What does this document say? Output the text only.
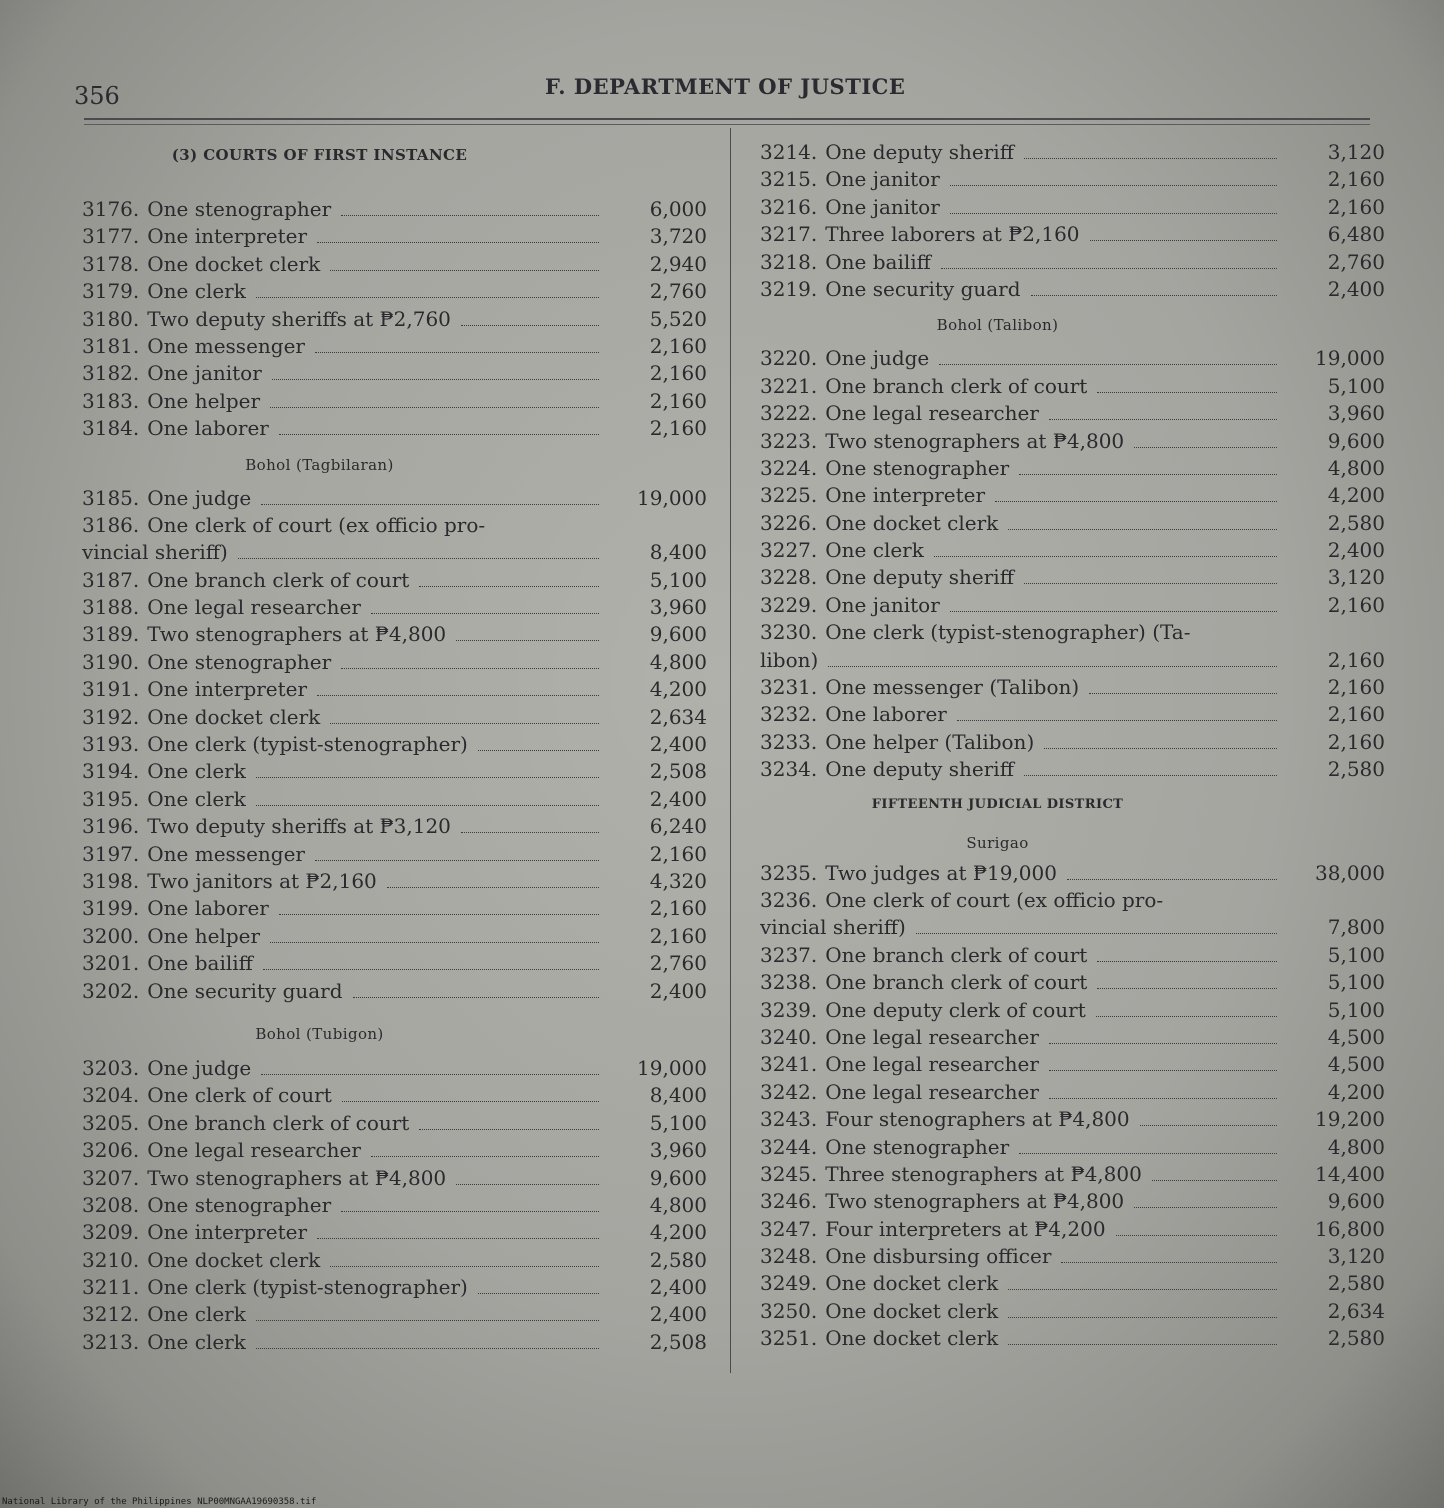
356	F. DEPARTMENT OF JUSTICE
(3) COURTS OF FIRST INSTANCE
3176. One stenographer	6,000
3177. One interpreter	3,720
3178. One docket clerk	2,940
3179. One clerk	2,760
3180. Two deputy sheriffs at ₱2,760	5,520
3181. One messenger	2,160
3182. One janitor	2,160
3183. One helper	2,160
3184. One laborer	2,160
Bohol (Tagbilaran)
3185. One judge	19,000
3186. One clerk of court (ex officio pro-
vincial sheriff)	8,400
3187. One branch clerk of court	5,100
3188. One legal researcher	3,960
3189. Two stenographers at ₱4,800	9,600
3190. One stenographer	4,800
3191. One interpreter	4,200
3192. One docket clerk	2,634
3193. One clerk (typist-stenographer)	2,400
3194. One clerk	2,508
3195. One clerk	2,400
3196. Two deputy sheriffs at ₱3,120	6,240
3197. One messenger	2,160
3198. Two janitors at ₱2,160	4,320
3199. One laborer	2,160
3200. One helper	2,160
3201. One bailiff	2,760
3202. One security guard	2,400
Bohol (Tubigon)
3203. One judge	19,000
3204. One clerk of court	8,400
3205. One branch clerk of court	5,100
3206. One legal researcher	3,960
3207. Two stenographers at ₱4,800	9,600
3208. One stenographer	4,800
3209. One interpreter	4,200
3210. One docket clerk	2,580
3211. One clerk (typist-stenographer)	2,400
3212. One clerk	2,400
3213. One clerk	2,508
3214. One deputy sheriff	3,120
3215. One janitor	2,160
3216. One janitor	2,160
3217. Three laborers at ₱2,160	6,480
3218. One bailiff	2,760
3219. One security guard	2,400
Bohol (Talibon)
3220. One judge	19,000
3221. One branch clerk of court	5,100
3222. One legal researcher	3,960
3223. Two stenographers at ₱4,800	9,600
3224. One stenographer	4,800
3225. One interpreter	4,200
3226. One docket clerk	2,580
3227. One clerk	2,400
3228. One deputy sheriff	3,120
3229. One janitor	2,160
3230. One clerk (typist-stenographer) (Ta-
libon)	2,160
3231. One messenger (Talibon)	2,160
3232. One laborer	2,160
3233. One helper (Talibon)	2,160
3234. One deputy sheriff	2,580
FIFTEENTH JUDICIAL DISTRICT
Surigao
3235. Two judges at ₱19,000	38,000
3236. One clerk of court (ex officio pro-
vincial sheriff)	7,800
3237. One branch clerk of court	5,100
3238. One branch clerk of court	5,100
3239. One deputy clerk of court	5,100
3240. One legal researcher	4,500
3241. One legal researcher	4,500
3242. One legal researcher	4,200
3243. Four stenographers at ₱4,800	19,200
3244. One stenographer	4,800
3245. Three stenographers at ₱4,800	14,400
3246. Two stenographers at ₱4,800	9,600
3247. Four interpreters at ₱4,200	16,800
3248. One disbursing officer	3,120
3249. One docket clerk	2,580
3250. One docket clerk	2,634
3251. One docket clerk	2,580
National Library of the Philippines NLP00MNGAA19690358.tif
